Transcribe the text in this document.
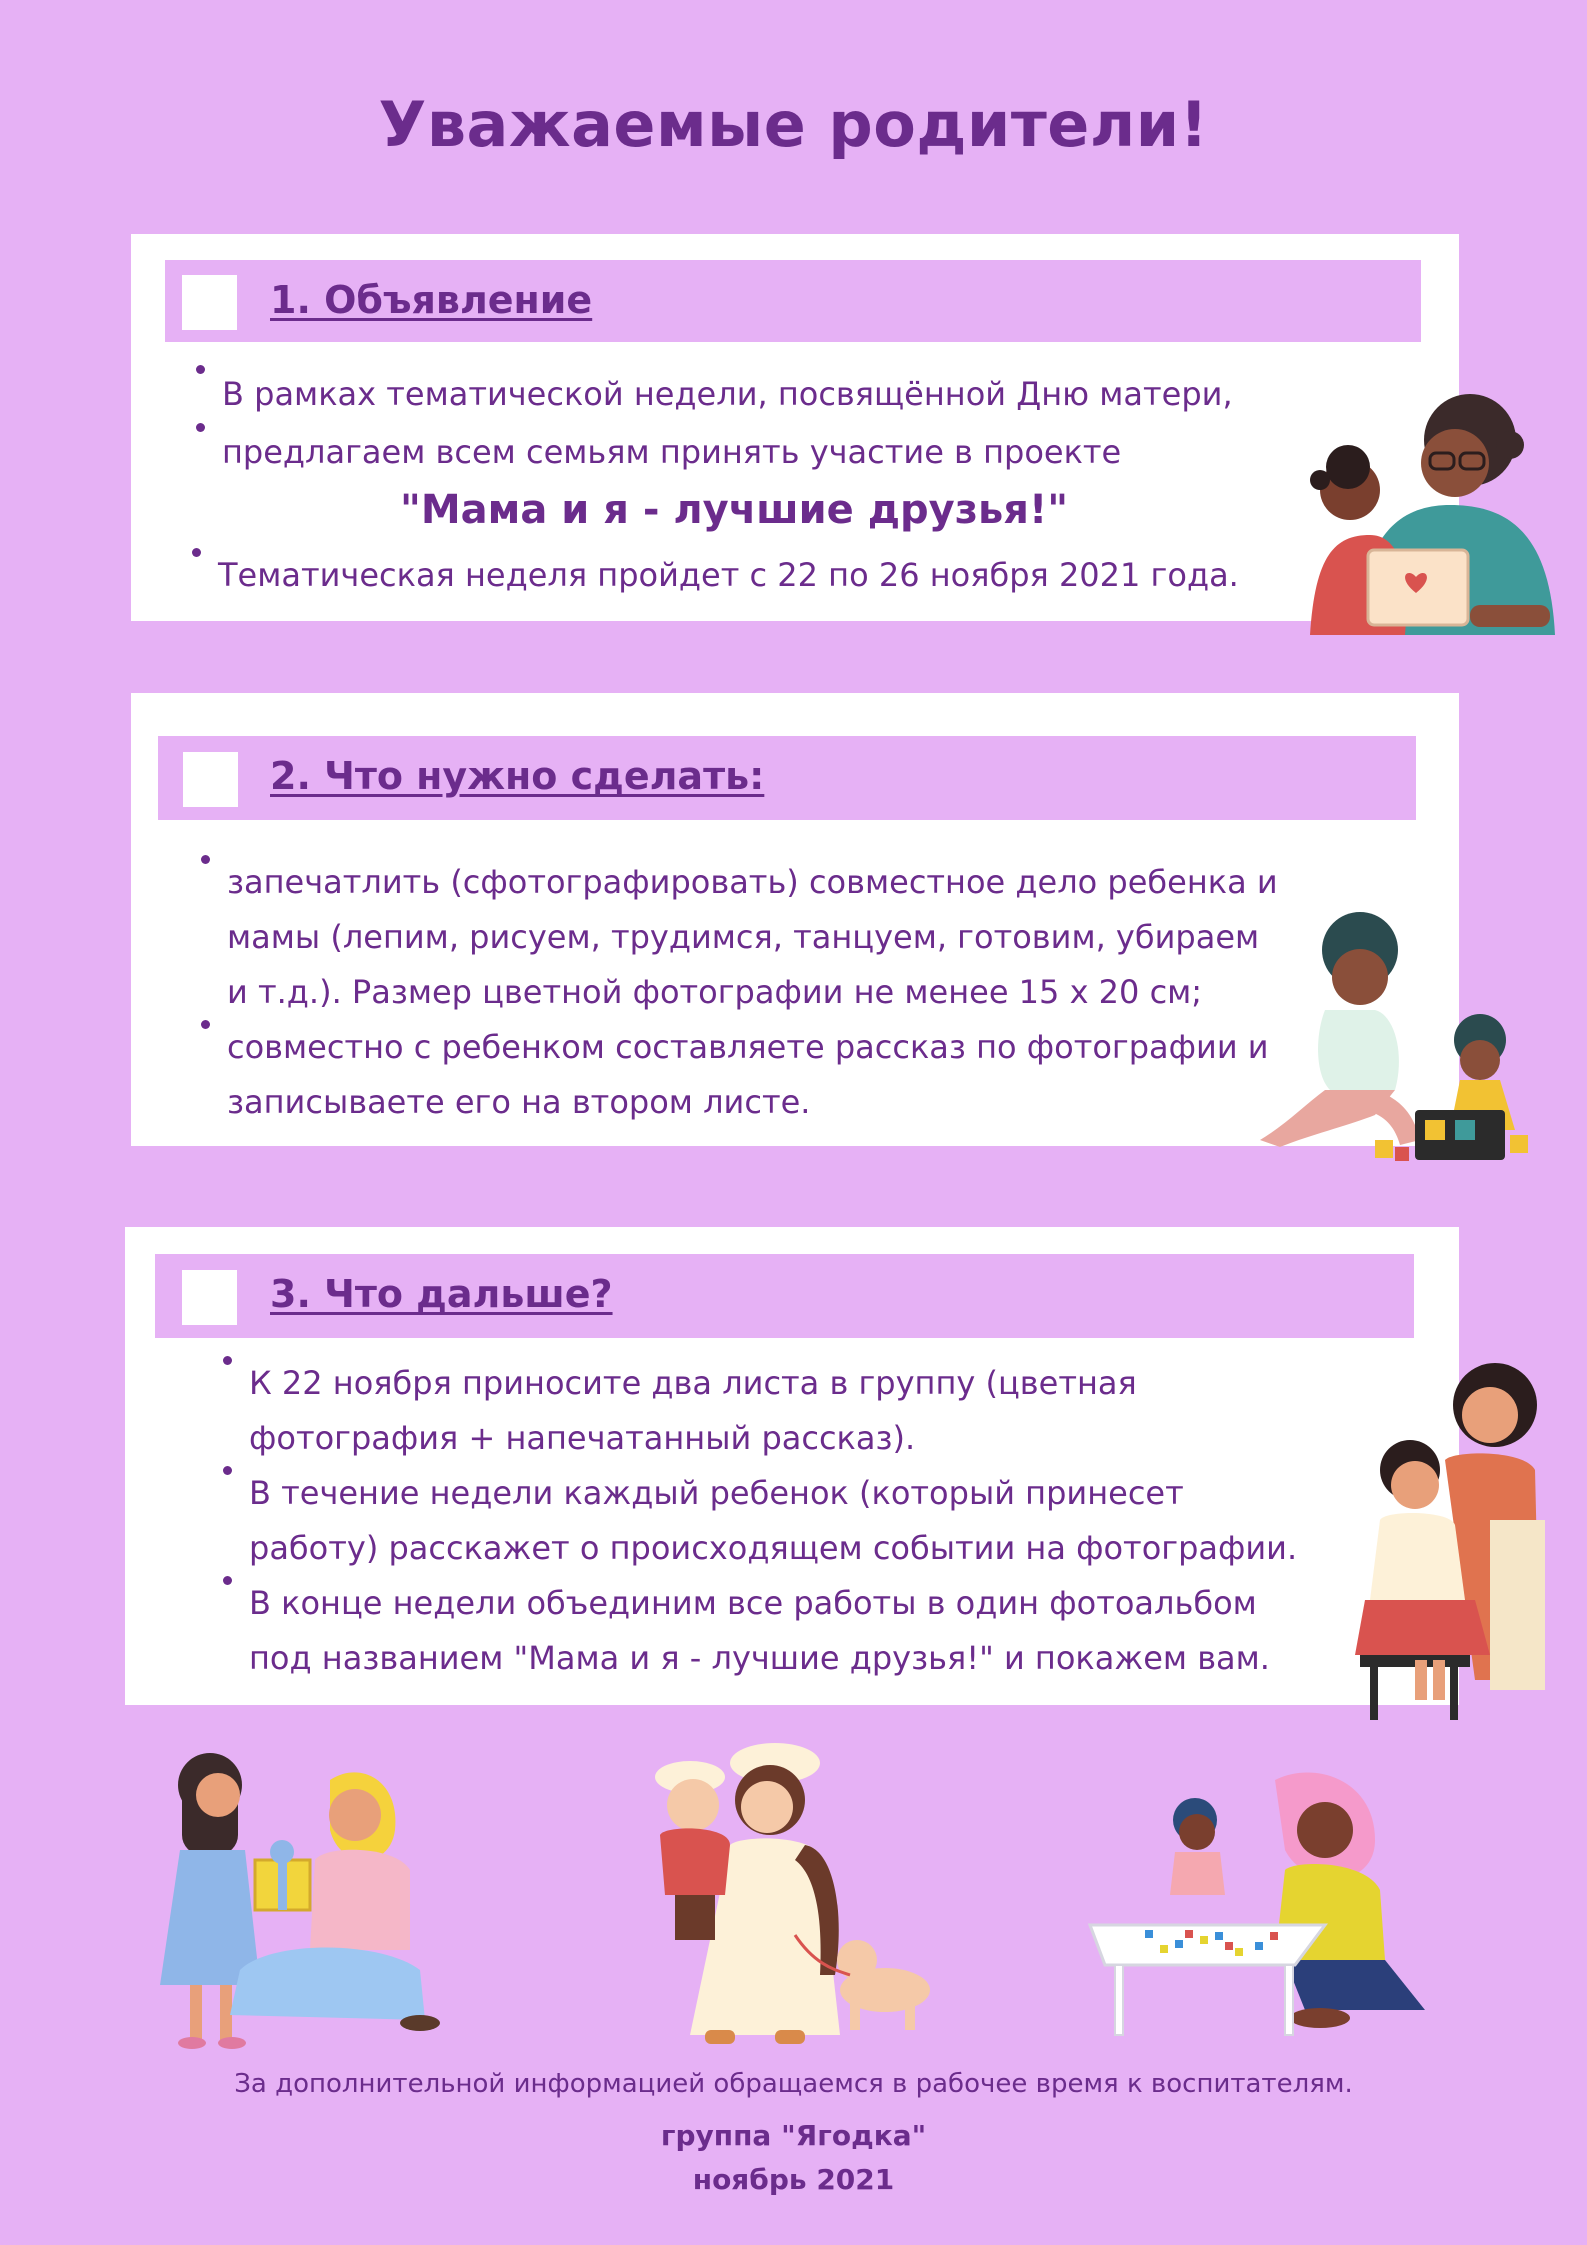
Уважаемые родители!
1. Объявление
В рамках тематической недели, посвящённой Дню матери,
предлагаем всем семьям принять участие в проекте

"Мама и я - лучшие друзья!"

Тематическая неделя пройдет с 22 по 26 ноября 2021 года.
2. Что нужно сделать:
запечатлить (сфотографировать) совместное дело ребенка и
мамы (лепим, рисуем, трудимся, танцуем, готовим, убираем
и т.д.). Размер цветной фотографии не менее 15 х 20 см;
совместно с ребенком составляете рассказ по фотографии и
записываете его на втором листе.
3. Что дальше?
К 22 ноября приносите два листа в группу (цветная
фотография + напечатанный рассказ).
В течение недели каждый ребенок (который принесет
работу) расскажет о происходящем событии на фотографии.
В конце недели объединим все работы в один фотоальбом
под названием "Мама и я - лучшие друзья!" и покажем вам.

За дополнительной информацией обращаемся в рабочее время к воспитателям.

группа "Ягодка"

ноябрь 2021
